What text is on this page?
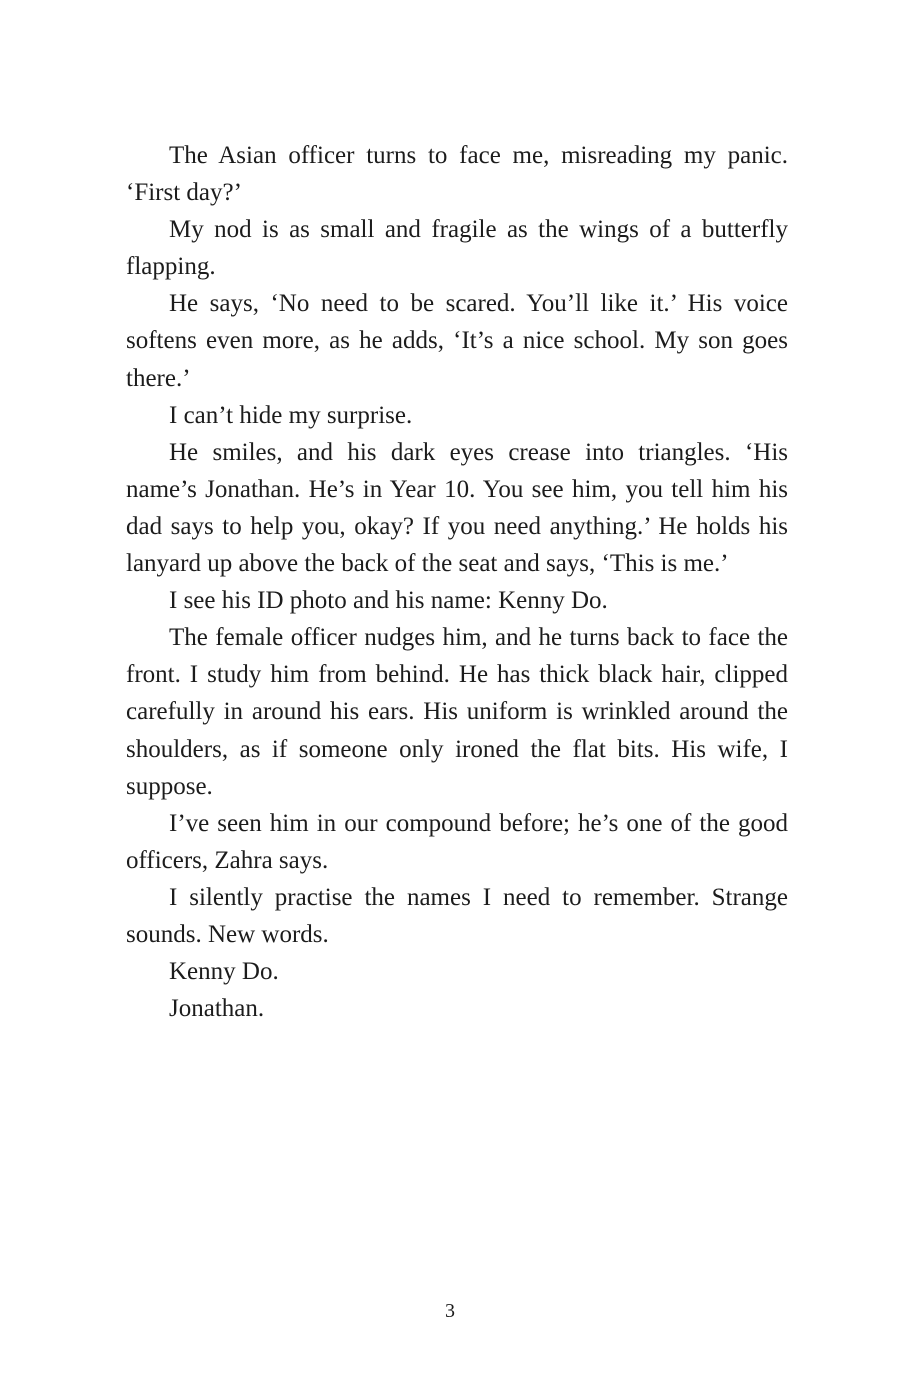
The Asian officer turns to face me, misreading my panic. ‘First day?’

My nod is as small and fragile as the wings of a butterfly flapping.

He says, ‘No need to be scared. You’ll like it.’ His voice softens even more, as he adds, ‘It’s a nice school. My son goes there.’

I can’t hide my surprise.

He smiles, and his dark eyes crease into triangles. ‘His name’s Jonathan. He’s in Year 10. You see him, you tell him his dad says to help you, okay? If you need anything.’ He holds his lanyard up above the back of the seat and says, ‘This is me.’

I see his ID photo and his name: Kenny Do.

The female officer nudges him, and he turns back to face the front. I study him from behind. He has thick black hair, clipped carefully in around his ears. His uniform is wrinkled around the shoulders, as if someone only ironed the flat bits. His wife, I suppose.

I’ve seen him in our compound before; he’s one of the good officers, Zahra says.

I silently practise the names I need to remember. Strange sounds. New words.

Kenny Do.

Jonathan.

3
